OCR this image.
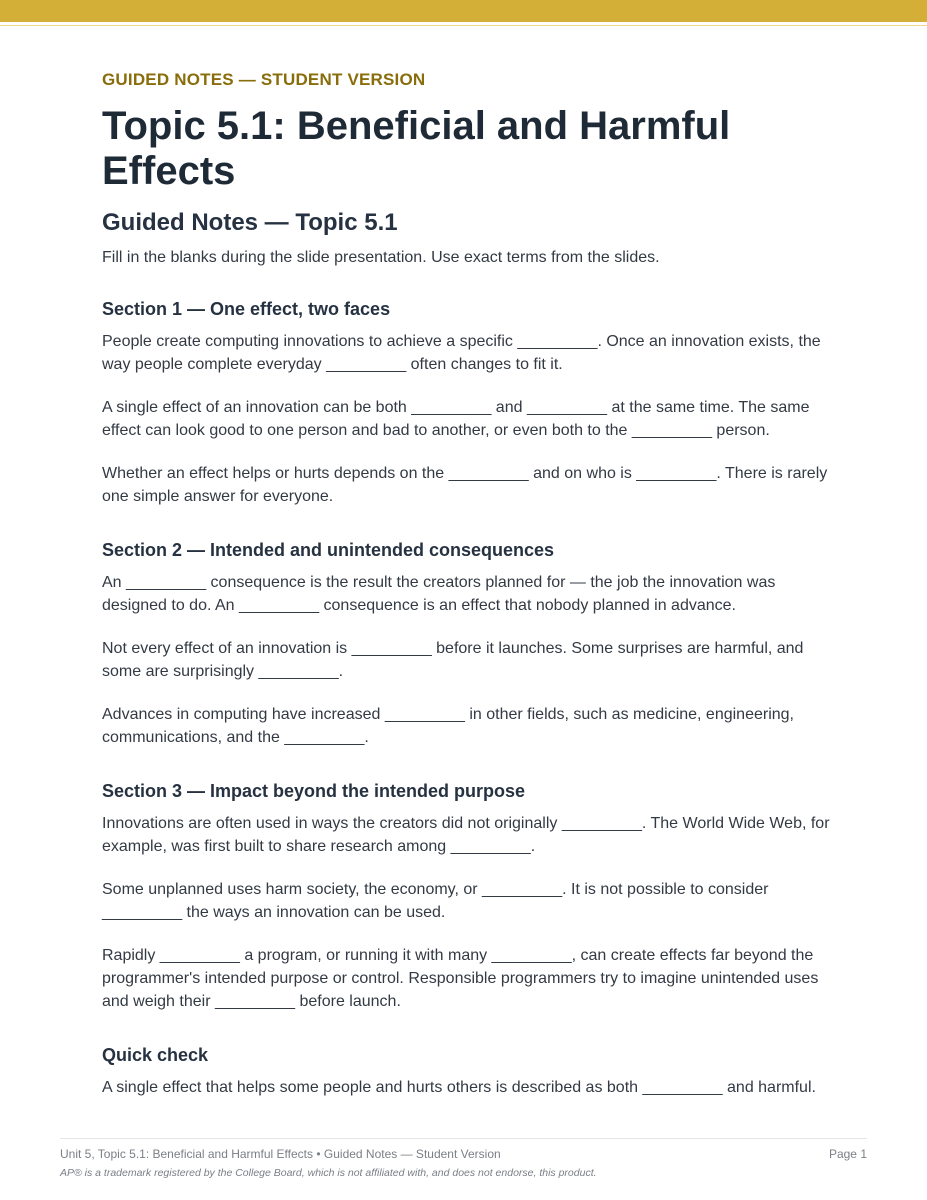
GUIDED NOTES — STUDENT VERSION

Topic 5.1: Beneficial and Harmful Effects
Guided Notes — Topic 5.1

Fill in the blanks during the slide presentation. Use exact terms from the slides.

Section 1 — One effect, two faces

People create computing innovations to achieve a specific _________. Once an innovation exists, the way people complete everyday _________ often changes to fit it.

A single effect of an innovation can be both _________ and _________ at the same time. The same effect can look good to one person and bad to another, or even both to the _________ person.

Whether an effect helps or hurts depends on the _________ and on who is _________. There is rarely one simple answer for everyone.

Section 2 — Intended and unintended consequences

An _________ consequence is the result the creators planned for — the job the innovation was designed to do. An _________ consequence is an effect that nobody planned in advance.

Not every effect of an innovation is _________ before it launches. Some surprises are harmful, and some are surprisingly _________.

Advances in computing have increased _________ in other fields, such as medicine, engineering, communications, and the _________.

Section 3 — Impact beyond the intended purpose

Innovations are often used in ways the creators did not originally _________. The World Wide Web, for example, was first built to share research among _________.

Some unplanned uses harm society, the economy, or _________. It is not possible to consider _________ the ways an innovation can be used.

Rapidly _________ a program, or running it with many _________, can create effects far beyond the programmer's intended purpose or control. Responsible programmers try to imagine unintended uses and weigh their _________ before launch.

Quick check

A single effect that helps some people and hurts others is described as both _________ and harmful.

Unit 5, Topic 5.1: Beneficial and Harmful Effects • Guided Notes — Student Version	Page 1
AP® is a trademark registered by the College Board, which is not affiliated with, and does not endorse, this product.
